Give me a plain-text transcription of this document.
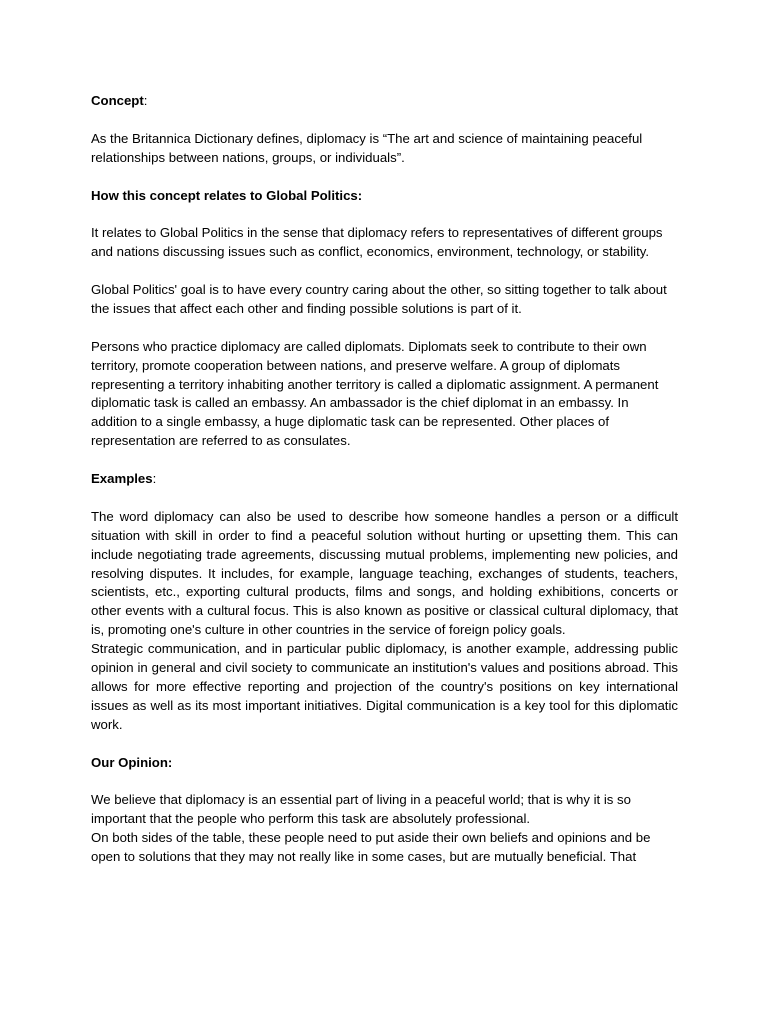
Concept:

As the Britannica Dictionary defines, diplomacy is “The art and science of maintaining peaceful relationships between nations, groups, or individuals”.

How this concept relates to Global Politics:

It relates to Global Politics in the sense that diplomacy refers to representatives of different groups and nations discussing issues such as conflict, economics, environment, technology, or stability.

Global Politics' goal is to have every country caring about the other, so sitting together to talk about the issues that affect each other and finding possible solutions is part of it.

Persons who practice diplomacy are called diplomats. Diplomats seek to contribute to their own territory, promote cooperation between nations, and preserve welfare. A group of diplomats representing a territory inhabiting another territory is called a diplomatic assignment. A permanent diplomatic task is called an embassy. An ambassador is the chief diplomat in an embassy. In addition to a single embassy, a huge diplomatic task can be represented. Other places of representation are referred to as consulates.

Examples:

The word diplomacy can also be used to describe how someone handles a person or a difficult situation with skill in order to find a peaceful solution without hurting or upsetting them. This can include negotiating trade agreements, discussing mutual problems, implementing new policies, and resolving disputes. It includes, for example, language teaching, exchanges of students, teachers, scientists, etc., exporting cultural products, films and songs, and holding exhibitions, concerts or other events with a cultural focus. This is also known as positive or classical cultural diplomacy, that is, promoting one's culture in other countries in the service of foreign policy goals.

Strategic communication, and in particular public diplomacy, is another example, addressing public opinion in general and civil society to communicate an institution's values and positions abroad. This allows for more effective reporting and projection of the country's positions on key international issues as well as its most important initiatives. Digital communication is a key tool for this diplomatic work.

Our Opinion:

We believe that diplomacy is an essential part of living in a peaceful world; that is why it is so important that the people who perform this task are absolutely professional.

On both sides of the table, these people need to put aside their own beliefs and opinions and be open to solutions that they may not really like in some cases, but are mutually beneficial. That
